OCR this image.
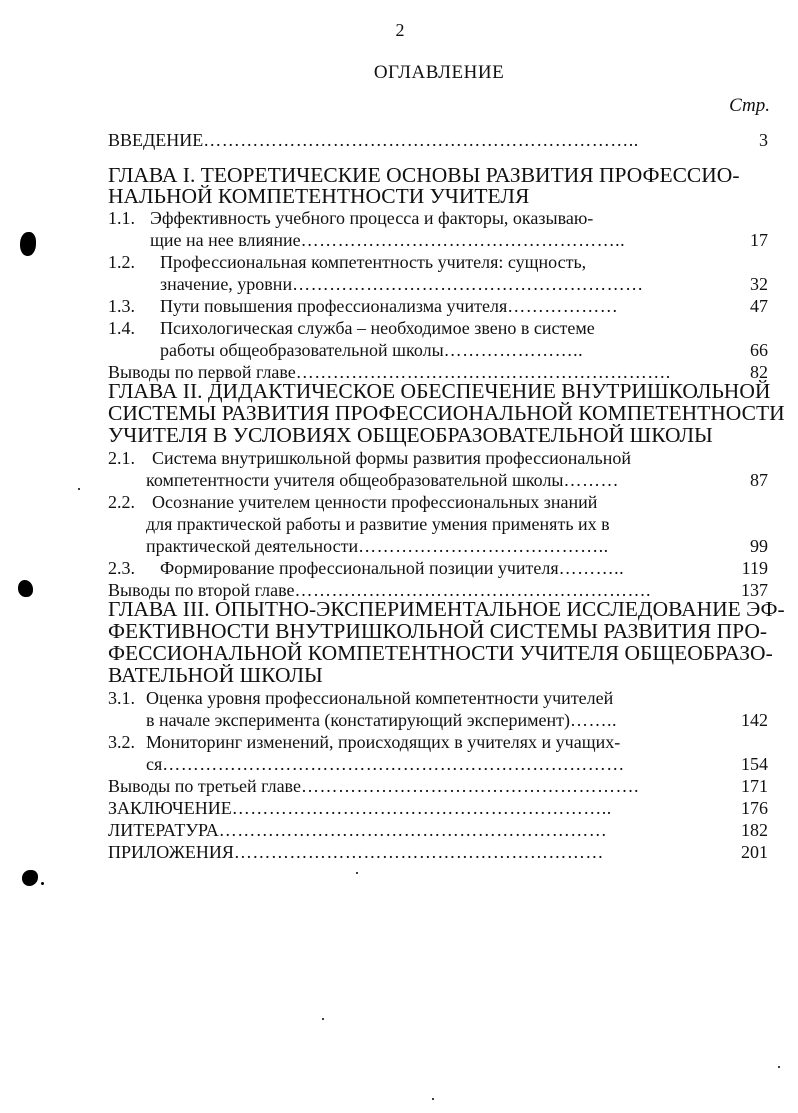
2
ОГЛАВЛЕНИЕ
Стр.
ВВЕДЕНИЕ……………………………………………………………..	3
ГЛАВА I. ТЕОРЕТИЧЕСКИЕ ОСНОВЫ РАЗВИТИЯ ПРОФЕССИО-
НАЛЬНОЙ КОМПЕТЕНТНОСТИ УЧИТЕЛЯ
1.1. Эффективность учебного процесса и факторы, оказываю-
щие на нее влияние……………………………………………..	17
1.2. Профессиональная компетентность учителя: сущность,
значение, уровни…………………………………………………	32
1.3. Пути повышения профессионализма учителя………………	47
1.4. Психологическая служба – необходимое звено в системе
работы общеобразовательной школы…………………..	66
Выводы по первой главе…………………………………………………….	82
ГЛАВА II. ДИДАКТИЧЕСКОЕ ОБЕСПЕЧЕНИЕ ВНУТРИШКОЛЬНОЙ
СИСТЕМЫ РАЗВИТИЯ ПРОФЕССИОНАЛЬНОЙ КОМПЕТЕНТНОСТИ
УЧИТЕЛЯ В УСЛОВИЯХ ОБЩЕОБРАЗОВАТЕЛЬНОЙ ШКОЛЫ
2.1. Система внутришкольной формы развития профессиональной
компетентности учителя общеобразовательной школы………	87
2.2. Осознание учителем ценности профессиональных знаний
для практической работы и развитие умения применять их в
практической деятельности…………………………………..	99
2.3. Формирование профессиональной позиции учителя………..	119
Выводы по второй главе………………………………………………….	137
ГЛАВА III. ОПЫТНО-ЭКСПЕРИМЕНТАЛЬНОЕ ИССЛЕДОВАНИЕ ЭФ-
ФЕКТИВНОСТИ ВНУТРИШКОЛЬНОЙ СИСТЕМЫ РАЗВИТИЯ ПРО-
ФЕССИОНАЛЬНОЙ КОМПЕТЕНТНОСТИ УЧИТЕЛЯ ОБЩЕОБРАЗО-
ВАТЕЛЬНОЙ ШКОЛЫ
3.1. Оценка уровня профессиональной компетентности учителей
в начале эксперимента (констатирующий эксперимент)……..	142
3.2. Мониторинг изменений, происходящих в учителях и учащих-
ся…………………………………………………………………	154
Выводы по третьей главе……………………………………………….	171
ЗАКЛЮЧЕНИЕ……………………………………………………..	176
ЛИТЕРАТУРА………………………………………………………	182
ПРИЛОЖЕНИЯ……………………………………………………	201
